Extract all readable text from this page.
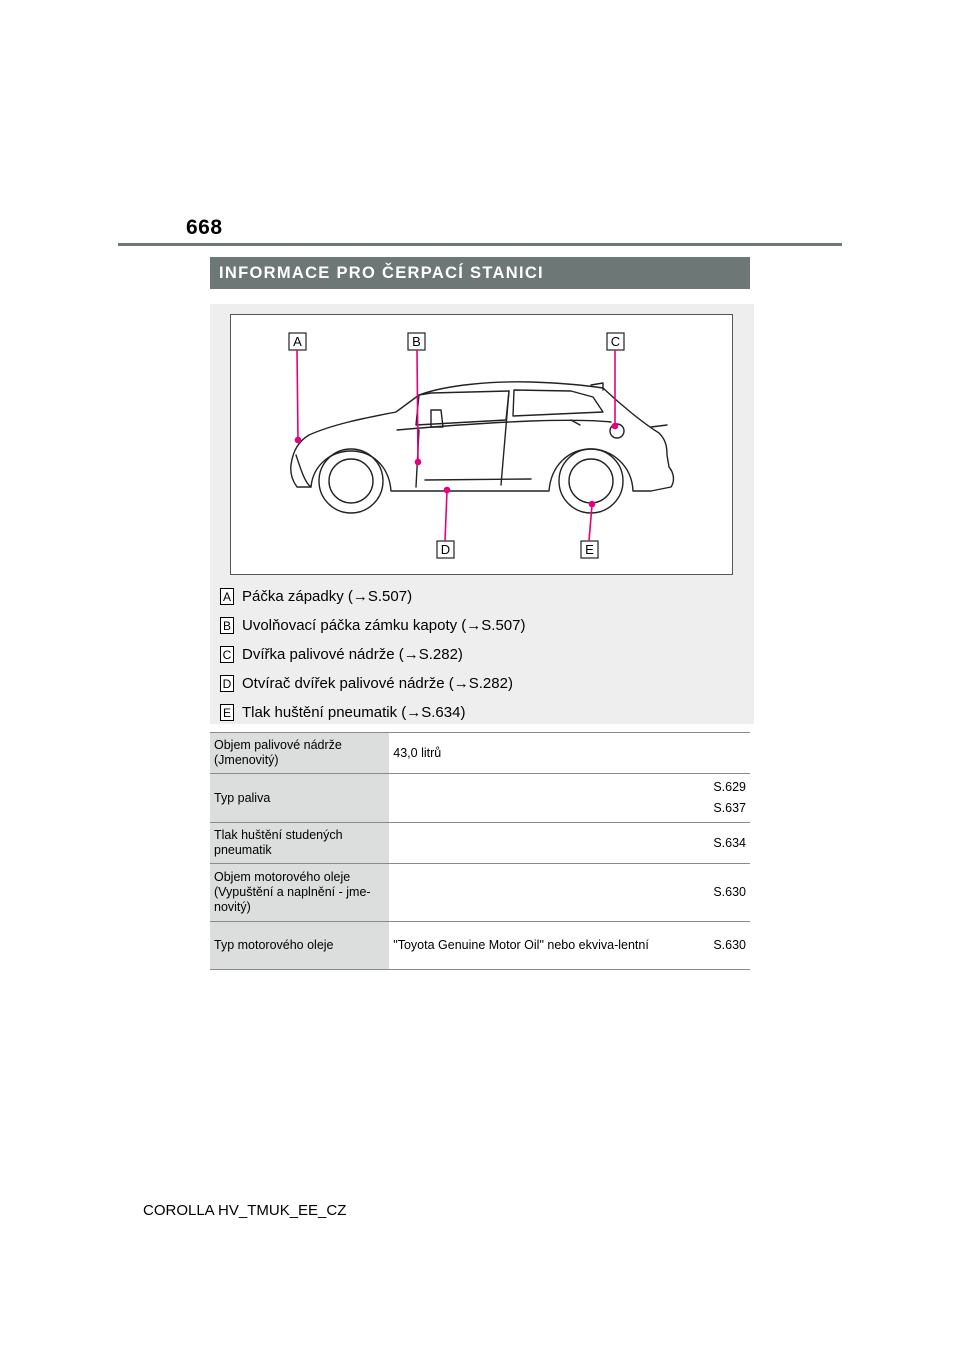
668
INFORMACE PRO ČERPACÍ STANICI
A	B	C
D	E
A Páčka západky (→S.507)
B Uvolňovací páčka zámku kapoty (→S.507)
C Dvířka palivové nádrže (→S.282)
D Otvírač dvířek palivové nádrže (→S.282)
E Tlak huštění pneumatik (→S.634)
Objem palivové nádrže (Jmenovitý)	43,0 litrů	

Typ paliva		S.629
S.637

Tlak huštění studených pneumatik		S.634

Objem motorového oleje (Vypuštění a naplnění - jme-novitý)		S.630

Typ motorového oleje	"Toyota Genuine Motor Oil" nebo ekviva-lentní	S.630
COROLLA HV_TMUK_EE_CZ
